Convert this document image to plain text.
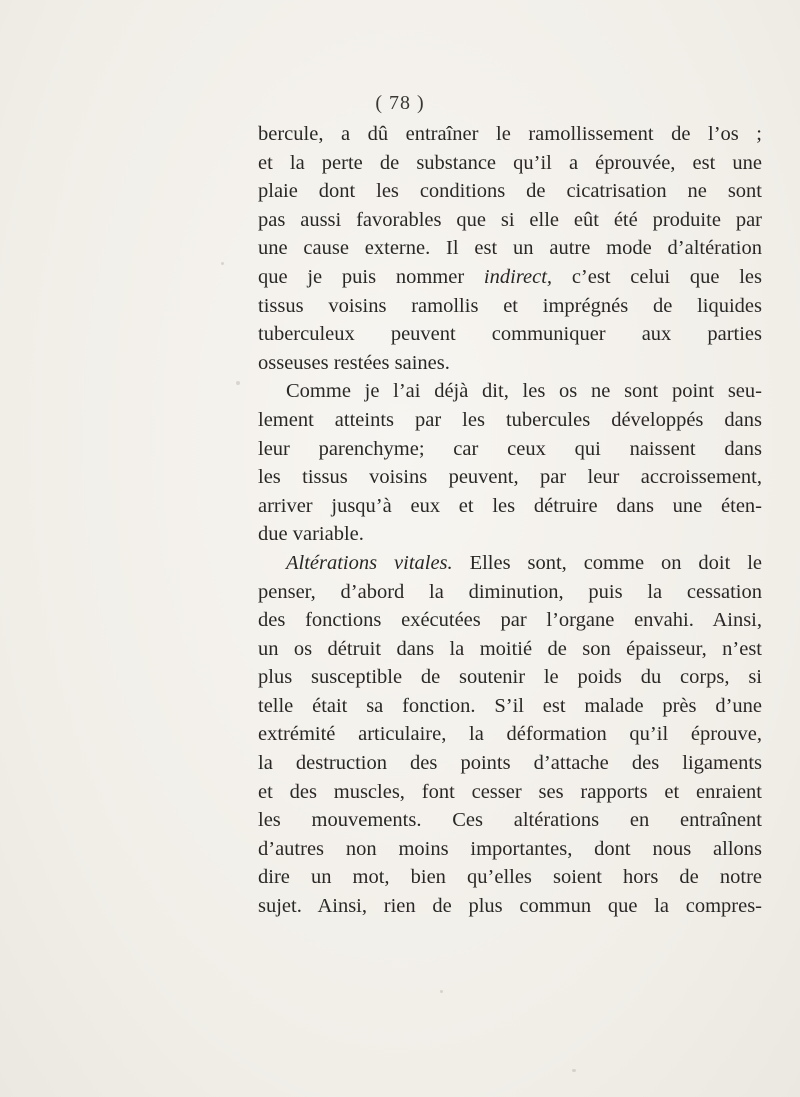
( 78 )
bercule, a dû entraîner le ramollissement de l’os ;
et la perte de substance qu’il a éprouvée, est une
plaie dont les conditions de cicatrisation ne sont
pas aussi favorables que si elle eût été produite par
une cause externe. Il est un autre mode d’altération
que je puis nommer indirect, c’est celui que les
tissus voisins ramollis et imprégnés de liquides
tuberculeux peuvent communiquer aux parties
osseuses restées saines.
Comme je l’ai déjà dit, les os ne sont point seu-
lement atteints par les tubercules développés dans
leur parenchyme; car ceux qui naissent dans
les tissus voisins peuvent, par leur accroissement,
arriver jusqu’à eux et les détruire dans une éten-
due variable.
Altérations vitales. Elles sont, comme on doit le
penser, d’abord la diminution, puis la cessation
des fonctions exécutées par l’organe envahi. Ainsi,
un os détruit dans la moitié de son épaisseur, n’est
plus susceptible de soutenir le poids du corps, si
telle était sa fonction. S’il est malade près d’une
extrémité articulaire, la déformation qu’il éprouve,
la destruction des points d’attache des ligaments
et des muscles, font cesser ses rapports et enraient
les mouvements. Ces altérations en entraînent
d’autres non moins importantes, dont nous allons
dire un mot, bien qu’elles soient hors de notre
sujet. Ainsi, rien de plus commun que la compres-
